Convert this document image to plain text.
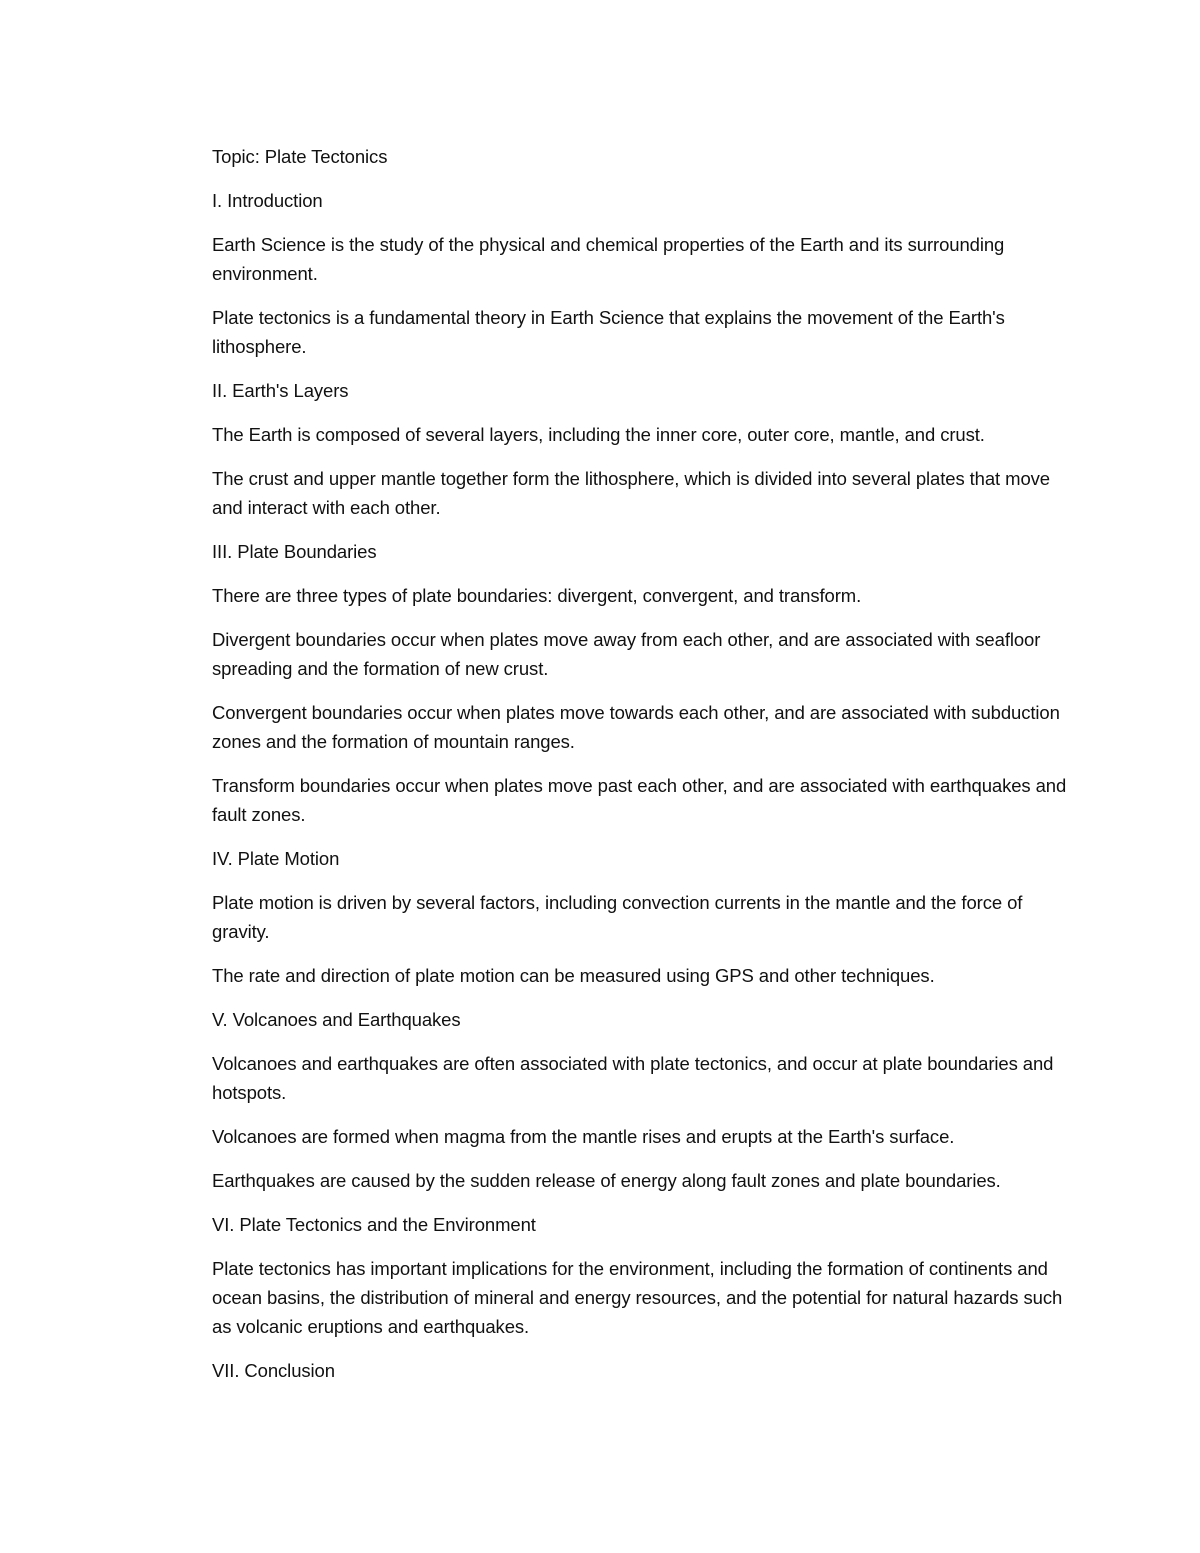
Topic: Plate Tectonics

I. Introduction

Earth Science is the study of the physical and chemical properties of the Earth and its surrounding environment.

Plate tectonics is a fundamental theory in Earth Science that explains the movement of the Earth's lithosphere.

II. Earth's Layers

The Earth is composed of several layers, including the inner core, outer core, mantle, and crust.

The crust and upper mantle together form the lithosphere, which is divided into several plates that move and interact with each other.

III. Plate Boundaries

There are three types of plate boundaries: divergent, convergent, and transform.

Divergent boundaries occur when plates move away from each other, and are associated with seafloor spreading and the formation of new crust.

Convergent boundaries occur when plates move towards each other, and are associated with subduction zones and the formation of mountain ranges.

Transform boundaries occur when plates move past each other, and are associated with earthquakes and fault zones.

IV. Plate Motion

Plate motion is driven by several factors, including convection currents in the mantle and the force of gravity.

The rate and direction of plate motion can be measured using GPS and other techniques.

V. Volcanoes and Earthquakes

Volcanoes and earthquakes are often associated with plate tectonics, and occur at plate boundaries and hotspots.

Volcanoes are formed when magma from the mantle rises and erupts at the Earth's surface.

Earthquakes are caused by the sudden release of energy along fault zones and plate boundaries.

VI. Plate Tectonics and the Environment

Plate tectonics has important implications for the environment, including the formation of continents and ocean basins, the distribution of mineral and energy resources, and the potential for natural hazards such as volcanic eruptions and earthquakes.

VII. Conclusion
